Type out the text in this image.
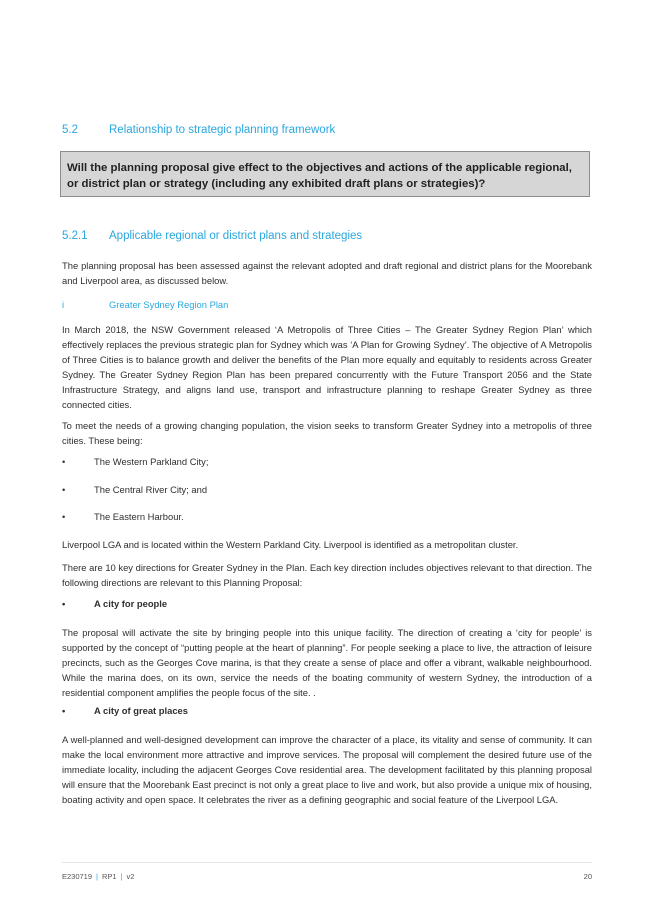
5.2	Relationship to strategic planning framework
Will the planning proposal give effect to the objectives and actions of the applicable regional, or district plan or strategy (including any exhibited draft plans or strategies)?
5.2.1 Applicable regional or district plans and strategies
The planning proposal has been assessed against the relevant adopted and draft regional and district plans for the Moorebank and Liverpool area, as discussed below.
i	Greater Sydney Region Plan
In March 2018, the NSW Government released ‘A Metropolis of Three Cities – The Greater Sydney Region Plan’ which effectively replaces the previous strategic plan for Sydney which was ‘A Plan for Growing Sydney’. The objective of A Metropolis of Three Cities is to balance growth and deliver the benefits of the Plan more equally and equitably to residents across Greater Sydney. The Greater Sydney Region Plan has been prepared concurrently with the Future Transport 2056 and the State Infrastructure Strategy, and aligns land use, transport and infrastructure planning to reshape Greater Sydney as three connected cities.
To meet the needs of a growing changing population, the vision seeks to transform Greater Sydney into a metropolis of three cities. These being:
•	The Western Parkland City;
•	The Central River City; and
•	The Eastern Harbour.
Liverpool LGA and is located within the Western Parkland City. Liverpool is identified as a metropolitan cluster.
There are 10 key directions for Greater Sydney in the Plan. Each key direction includes objectives relevant to that direction. The following directions are relevant to this Planning Proposal:
•	A city for people
The proposal will activate the site by bringing people into this unique facility. The direction of creating a ‘city for people’ is supported by the concept of “putting people at the heart of planning”. For people seeking a place to live, the attraction of leisure precincts, such as the Georges Cove marina, is that they create a sense of place and offer a vibrant, walkable neighbourhood. While the marina does, on its own, service the needs of the boating community of western Sydney, the introduction of a residential component amplifies the people focus of the site. .
•	A city of great places
A well-planned and well-designed development can improve the character of a place, its vitality and sense of community. It can make the local environment more attractive and improve services. The proposal will complement the desired future use of the immediate locality, including the adjacent Georges Cove residential area. The development facilitated by this planning proposal will ensure that the Moorebank East precinct is not only a great place to live and work, but also provide a unique mix of housing, boating activity and open space. It celebrates the river as a defining geographic and social feature of the Liverpool LGA.
E230719 | RP1 | v2	20
